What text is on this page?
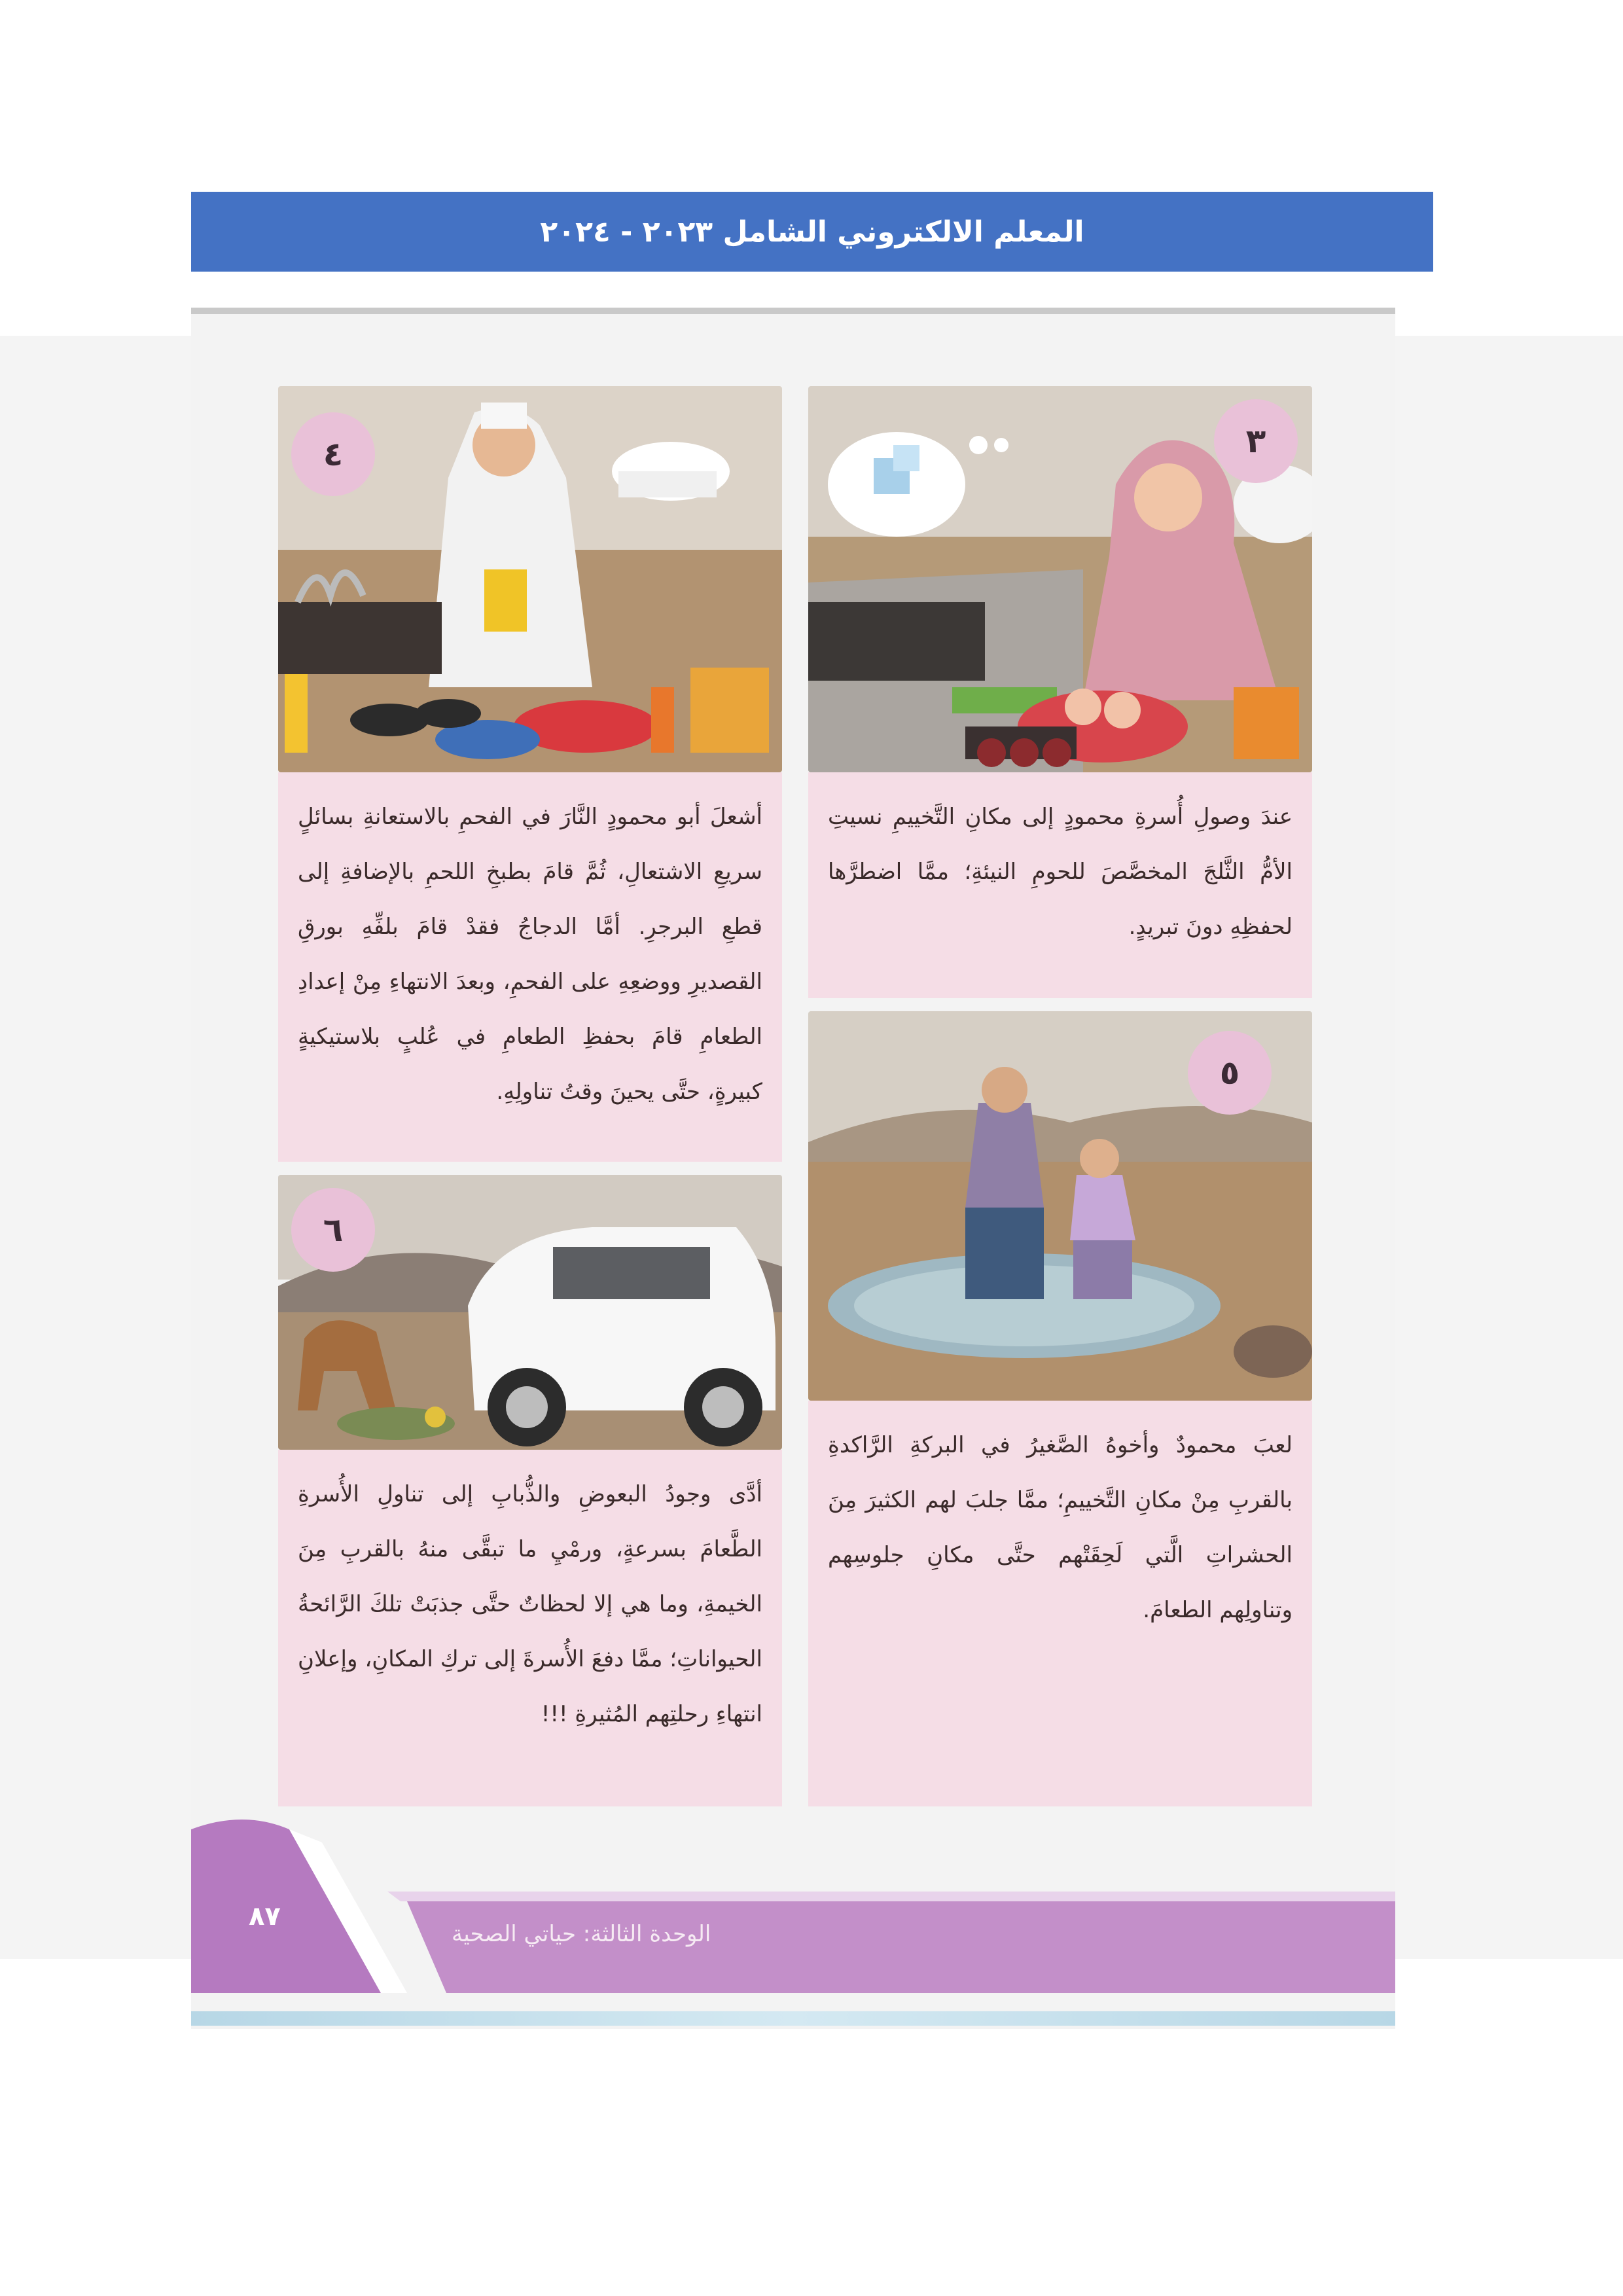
المعلم الالكتروني الشامل ٢٠٢٣ - ٢٠٢٤
٣
عندَ وصولِ أُسرةِ محمودٍ إلى مكانِ التَّخييمِ نسيتِ الأمُّ الثَّلجَ المخصَّصَ للحومِ النيئةِ؛ ممَّا اضطرَّها لحفظِهِ دونَ تبريدٍ.
٤
أشعلَ أبو محمودٍ النَّارَ في الفحمِ بالاستعانةِ بسائلٍ سريعِ الاشتعالِ، ثُمَّ قامَ بطبخِ اللحمِ بالإضافةِ إلى قطعِ البرجرِ. أمَّا الدجاجُ فقدْ قامَ بلفِّهِ بورقِ القصديرِ ووضعِهِ على الفحمِ، وبعدَ الانتهاءِ مِنْ إعدادِ الطعامِ قامَ بحفظِ الطعامِ في عُلبٍ بلاستيكيةٍ كبيرةٍ، حتَّى يحينَ وقتُ تناولِهِ.	٥
لعبَ محمودٌ وأخوهُ الصَّغيرُ في البركةِ الرَّاكدةِ بالقربِ مِنْ مكانِ التَّخييمِ؛ ممَّا جلبَ لهم الكثيرَ مِنَ الحشراتِ الَّتي لَحِقَتْهم حتَّى مكانِ جلوسِهم وتناولِهم الطعامَ.
٦
أدَّى وجودُ البعوضِ والذُّبابِ إلى تناولِ الأُسرةِ الطَّعامَ بسرعةٍ، ورمْيِ ما تبقَّى منهُ بالقربِ مِنَ الخيمةِ، وما هي إلا لحظاتٌ حتَّى جذبَتْ تلكَ الرَّائحةُ الحيواناتِ؛ ممَّا دفعَ الأُسرةَ إلى تركِ المكانِ، وإعلانِ انتهاءِ رحلتِهم المُثيرةِ !!!
٨٧
الوحدة الثالثة: حياتي الصحية
